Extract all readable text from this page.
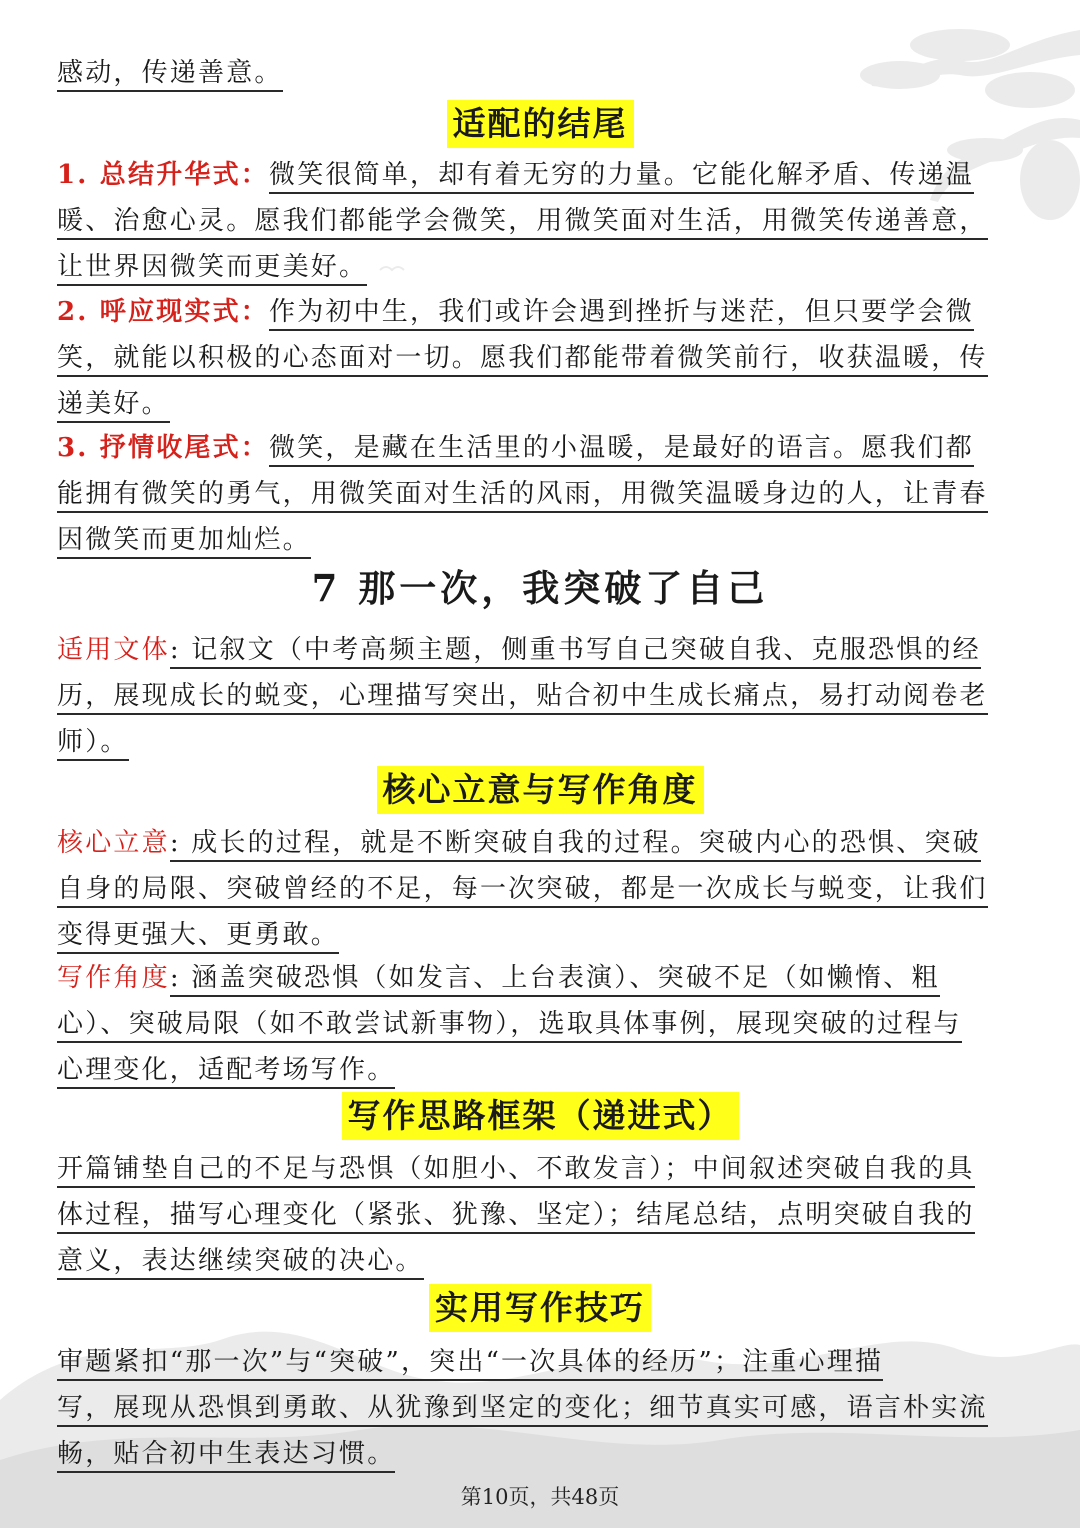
感动，传递善意。
适配的结尾
1. 总结升华式：微笑很简单，却有着无穷的力量。它能化解矛盾、传递温
暖、治愈心灵。愿我们都能学会微笑，用微笑面对生活，用微笑传递善意，
让世界因微笑而更美好。
2. 呼应现实式：作为初中生，我们或许会遇到挫折与迷茫，但只要学会微
笑，就能以积极的心态面对一切。愿我们都能带着微笑前行，收获温暖，传
递美好。
3. 抒情收尾式：微笑，是藏在生活里的小温暖，是最好的语言。愿我们都
能拥有微笑的勇气，用微笑面对生活的风雨，用微笑温暖身边的人，让青春
因微笑而更加灿烂。
7 那一次，我突破了自己
适用文体: 记叙文（中考高频主题，侧重书写自己突破自我、克服恐惧的经
历，展现成长的蜕变，心理描写突出，贴合初中生成长痛点，易打动阅卷老
师）。
核心立意与写作角度
核心立意: 成长的过程，就是不断突破自我的过程。突破内心的恐惧、突破
自身的局限、突破曾经的不足，每一次突破，都是一次成长与蜕变，让我们
变得更强大、更勇敢。
写作角度: 涵盖突破恐惧（如发言、上台表演）、突破不足（如懒惰、粗
心）、突破局限（如不敢尝试新事物），选取具体事例，展现突破的过程与
心理变化，适配考场写作。
写作思路框架（递进式）
开篇铺垫自己的不足与恐惧（如胆小、不敢发言）；中间叙述突破自我的具
体过程，描写心理变化（紧张、犹豫、坚定）；结尾总结，点明突破自我的
意义，表达继续突破的决心。
实用写作技巧
审题紧扣“那一次”与“突破”，突出“一次具体的经历”；注重心理描
写，展现从恐惧到勇敢、从犹豫到坚定的变化；细节真实可感，语言朴实流
畅，贴合初中生表达习惯。
第10页，共48页
